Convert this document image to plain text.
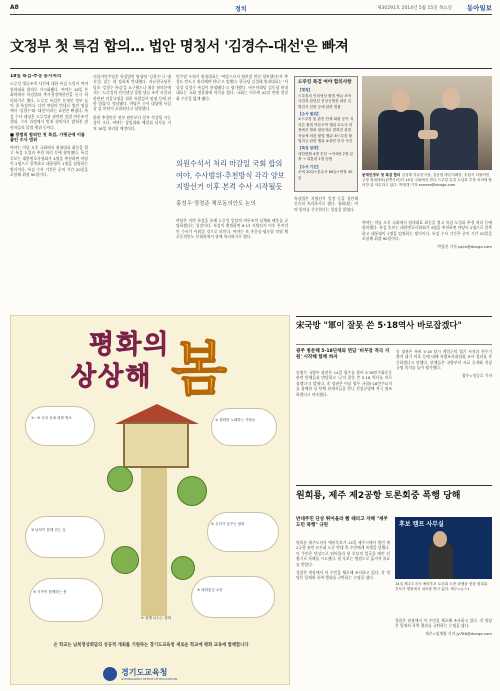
A8	정치	제30291호 2014년 5월 15일 목요일 동아일보
文정부 첫 특검 합의… 법안 명칭서 '김경수-대선'은 빠져
18일 특검·추경 동시처리

드루킹 댓글조작 사건에 대한 특검 도입이 여야 원내대표 합의로 가시화됐다. 여야는 18일 본회의에서 특검법과 추가경정예산안을 동시 처리하기로 했다. 드루킹 특검은 문재인 정부 들어 첫 특검이다. 다만 여당의 반대로 법안 명칭에서 '김경수'와 '대선'이라는 표현은 빠졌다. 특검 수사 대상은 드루킹과 관련된 불법 여론조작 행위, 수사 과정에서 범죄 혐의자로 밝혀진 관련자들의 불법 행위 등이다.

■ 광범위 합의안 첫 특검, 가평군에 이름 붙인 수사 범위

여야는 이날 오후 국회에서 원내대표 회동을 열고 특검 도입과 추경 처리 등에 합의했다. 특검 후보는 대한변호사협회가 4명을 추천하면 야당이 2명으로 압축하고 대통령이 1명을 임명하는 방식이다. 특검 수사 기간은 준비 기간 20일을 포함해 최장 90일이다.

더불어민주당은 특검법안 명칭에 '김경수'나 '대선'을 넣는 데 강하게 반대했다. 자유한국당은 당초 '김경수 특검'을 요구했으나 최종 합의문에서는 '드루킹의 인터넷상 불법 댓글 조작 사건과 관련된 진상규명을 위한 특별검사 임명 등에 관한 법률'로 정리됐다. 야당은 수사 대상에 사실상 김 의원이 포함된다고 설명했다.

한편 추경안은 정부 원안보다 일부 삭감될 가능성이 크다. 여야는 상임위와 예결위 심사를 거쳐 18일 처리할 예정이다.

민주당 우원식 원내대표는 '여당으로서 양보할 만큼 양보했다'며 '추경도 반드시 처리해야 한다'고 말했다. 한국당 김성태 원내대표는 '사실상 김경수 특검이 관철됐다'고 평가했다. 바른미래당 김동철 원내대표는 국회 정상화에 의미를 뒀다. 국회는 이로써 42일 만에 정상화 수순을 밟게 됐다.

의원수석서 처리 마감일 국회 합의 여야, 수사범위·추천방식 각각 양보 지방선거 이후 본격 수사 시작될듯
홍성우·정경준 체포동의안도 논의

야당은 이번 특검을 통해 드루킹 일당의 여론조작 실체와 배후를 규명하겠다는 입장이다. 특검이 출범하면 6·13 지방선거 이후 본격적인 수사가 이뤄질 것으로 보인다. 여야는 또 홍문종·염동열 의원 체포동의안도 본회의에서 함께 처리하기로 했다.

드루킹 특검 여야 합의사항
【명칭】
드루킹의 인터넷상 불법 댓글 조작 사건과 관련된 진상규명을 위한 특별검사 임명 등에 관한 법률
【수사 범위】
①드루킹 및 관련 단체 회원 등이 저지른 불법 여론조작 행위 ②수사 과정에서 범죄 혐의자로 밝혀진 관련자들에 의한 불법 행위 ③드루킹 불법자금 관련 행위 ④관련 인지 사건
【특검 임명】
대한변협 4명 추천 → 야3당 2명 압축 → 대통령 1명 임명
【수사 기간】
준비 20일+본수사 60일+연장 30일

특검법은 지방선거 일정 등을 감안해 신속히 처리하기로 했다. 청와대는 여야 합의를 존중한다는 입장을 밝혔다.

문재인정부 첫 특검 합의 김성태 자유한국당, 김동철 바른미래당, 우원식 더불어민주당 원내대표(왼쪽부터)가 14일 국회에서 만나 드루킹 특검 도입과 추경 처리에 합의한 뒤 악수하고 있다. 박영대 기자 sannae@donga.com

여야는 이날 오후 국회에서 원내대표 회동을 열고 특검 도입과 추경 처리 등에 합의했다. 특검 후보는 대한변호사협회가 4명을 추천하면 야당이 2명으로 압축하고 대통령이 1명을 임명하는 방식이다. 특검 수사 기간은 준비 기간 20일을 포함해 최장 90일이다.

박성진 기자 psjin@donga.com

평화의
상상해 봄
①~⑤ 우리 동네 평화 명소	② 평화를 노래하는 사람들
③ 남북이 함께 걷는 길
④ 우리가 꿈꾸는 평화
⑤ 가족이 함께하는 봄	⑥ 평화통일 교육
⑦ 함께 나누는 평화
온 학교는 남북정상회담의 성공적 개최를 기원하는 경기도교육청 새로운 학교에 평화 교육에 함께합니다
경기도교육청
GYEONGGIDO OFFICE OF EDUCATION
宋국방 "軍이 잘못 쓴 5·18역사 바로잡겠다"
광주 방문해 5·18단체와 면담 '비무장 적극 지원' 시작해 함께 하자

송영무 국방부 장관은 14일 광주를 찾아 5·18민주화운동 관련 단체들과 면담하고 '군이 잘못 쓴 5·18 역사를 바로잡겠다'고 밝혔다. 송 장관은 이날 광주 국립5·18민주묘지를 참배한 뒤 단체 관계자들을 만나 진상규명에 적극 협조하겠다고 약속했다.

송 장관은 특히 5·18 당시 계엄군의 헬기 사격과 전투기 출격 대기 의혹 등에 대해 특별조사위원회 조사 결과를 존중하겠다고 말했다. 단체들은 국방부의 자료 공개와 진상규명 의지를 높이 평가했다.

광주=정승호 기자

원희룡, 제주 제2공항 토론회중 폭행 당해
반대주민 단상 뛰어올라 빰 때리고 자해 "제주도민 폭행" 규탄

원희룡 제주도지사 예비후보가 14일 제주시에서 열린 제2공항 관련 토론회 도중 반대 측 주민에게 폭행을 당했다. 이 주민은 단상으로 뛰어올라 원 후보의 얼굴을 때린 뒤 흉기로 자해를 시도했다. 원 후보는 병원으로 옮겨져 치료를 받았다.

경찰은 현장에서 이 주민을 체포해 조사하고 있다. 각 정당은 일제히 폭력 행위를 규탄하는 논평을 냈다.

후보 캠프 사무실
14일 제주도지사 예비후보 토론회 도중 폭행을 당한 원희룡 후보가 병원에서 치료를 받고 있다. 제주=뉴스1

경찰은 현장에서 이 주민을 체포해 조사하고 있다. 각 정당은 일제히 폭력 행위를 규탄하는 논평을 냈다.

제주=임재영 기자 jy788@donga.com
